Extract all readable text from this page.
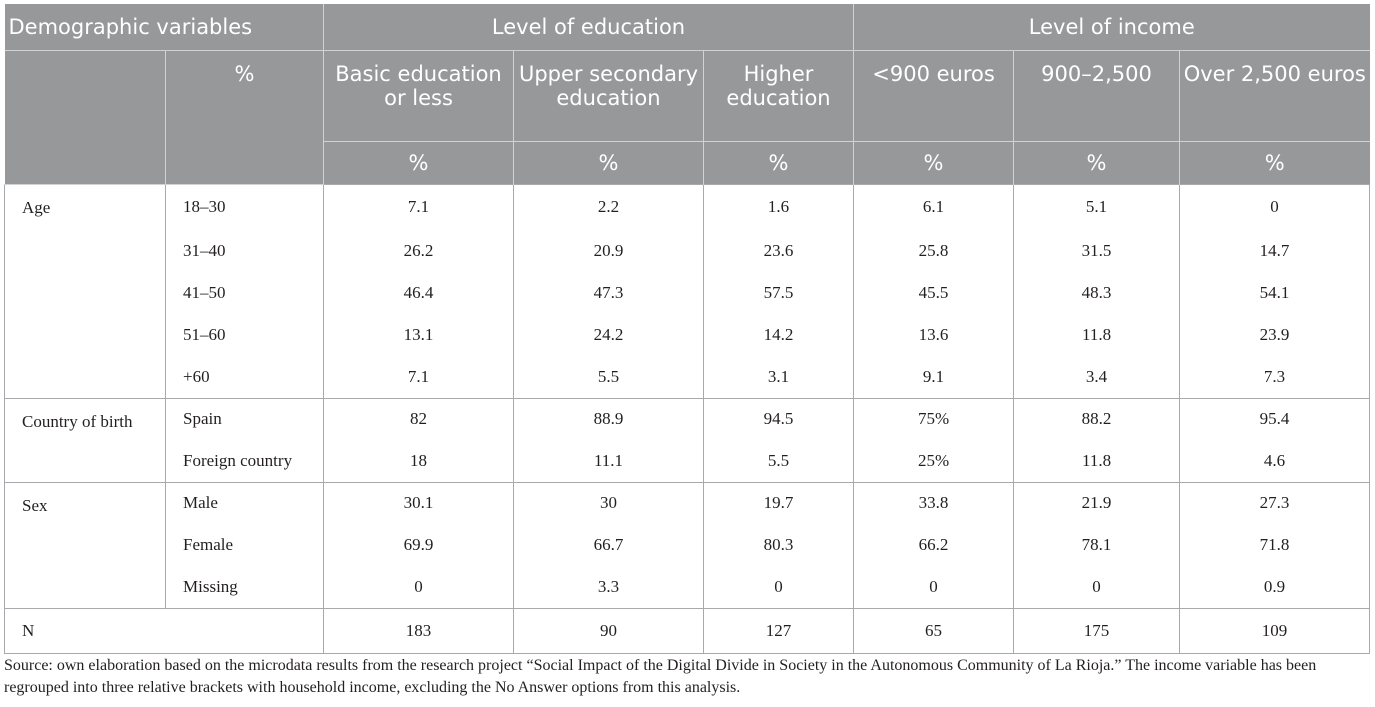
Demographic variables		Level of education			Level of income		
	%	Basic education or less	Upper secondary education	Higher education	<900 euros	900–2,500	Over 2,500 euros
		%	%	%	%	%	%
Age	18–30	7.1	2.2	1.6	6.1	5.1	0
	31–40	26.2	20.9	23.6	25.8	31.5	14.7
	41–50	46.4	47.3	57.5	45.5	48.3	54.1
	51–60	13.1	24.2	14.2	13.6	11.8	23.9
	+60	7.1	5.5	3.1	9.1	3.4	7.3
Country of birth	Spain	82	88.9	94.5	75%	88.2	95.4
	Foreign country	18	11.1	5.5	25%	11.8	4.6
Sex	Male	30.1	30	19.7	33.8	21.9	27.3
	Female	69.9	66.7	80.3	66.2	78.1	71.8
	Missing	0	3.3	0	0	0	0.9
N		183	90	127	65	175	109
Source: own elaboration based on the microdata results from the research project “Social Impact of the Digital Divide in Society in the Autonomous Community of La Rioja.” The income variable has been regrouped into three relative brackets with household income, excluding the No Answer options from this analysis.
